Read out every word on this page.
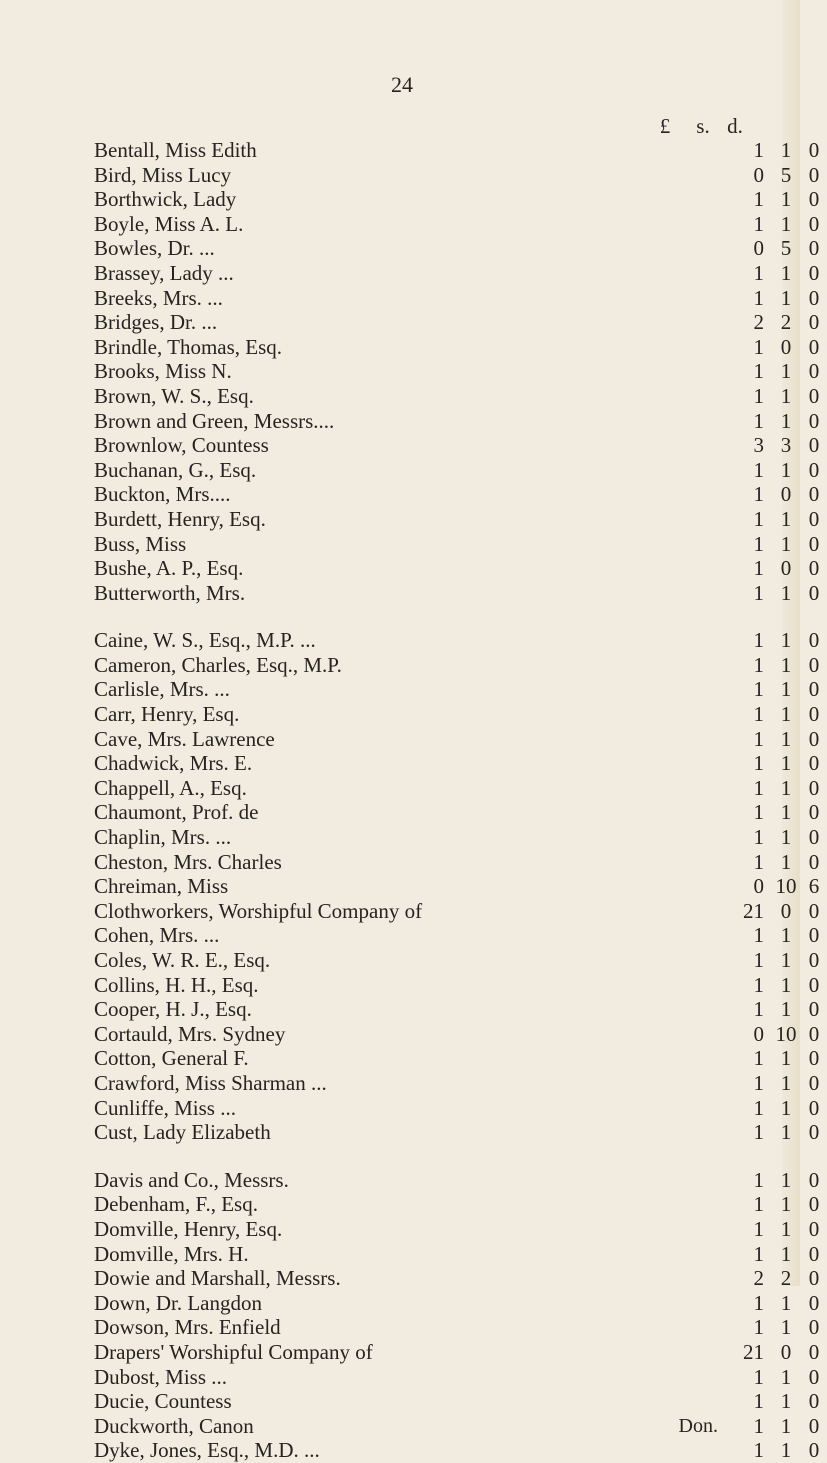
24
£	s. d.
Bentall, Miss Edith	1 1 0
Bird, Miss Lucy	0 5 0
Borthwick, Lady	1 1 0
Boyle, Miss A. L.	1 1 0
Bowles, Dr. ...	0 5 0
Brassey, Lady ...	1 1 0
Breeks, Mrs. ...	1 1 0
Bridges, Dr. ...	2 2 0
Brindle, Thomas, Esq.	1 0 0
Brooks, Miss N.	1 1 0
Brown, W. S., Esq.	1 1 0
Brown and Green, Messrs....	1 1 0
Brownlow, Countess	3 3 0
Buchanan, G., Esq.	1 1 0
Buckton, Mrs....	1 0 0
Burdett, Henry, Esq.	1 1 0
Buss, Miss	1 1 0
Bushe, A. P., Esq.	1 0 0
Butterworth, Mrs.	1 1 0
Caine, W. S., Esq., M.P. ...	1 1 0
Cameron, Charles, Esq., M.P.	1 1 0
Carlisle, Mrs. ...	1 1 0
Carr, Henry, Esq.	1 1 0
Cave, Mrs. Lawrence	1 1 0
Chadwick, Mrs. E.	1 1 0
Chappell, A., Esq.	1 1 0
Chaumont, Prof. de	1 1 0
Chaplin, Mrs. ...	1 1 0
Cheston, Mrs. Charles	1 1 0
Chreiman, Miss	0 10 6
Clothworkers, Worshipful Company of	21 0 0
Cohen, Mrs. ...	1 1 0
Coles, W. R. E., Esq.	1 1 0
Collins, H. H., Esq.	1 1 0
Cooper, H. J., Esq.	1 1 0
Cortauld, Mrs. Sydney	0 10 0
Cotton, General F.	1 1 0
Crawford, Miss Sharman ...	1 1 0
Cunliffe, Miss ...	1 1 0
Cust, Lady Elizabeth	1 1 0
Davis and Co., Messrs.	1 1 0
Debenham, F., Esq.	1 1 0
Domville, Henry, Esq.	1 1 0
Domville, Mrs. H.	1 1 0
Dowie and Marshall, Messrs.	2 2 0
Down, Dr. Langdon	1 1 0
Dowson, Mrs. Enfield	1 1 0
Drapers' Worshipful Company of	21 0 0
Dubost, Miss ...	1 1 0
Ducie, Countess	1 1 0
Duckworth, Canon	Don.	1 1 0
Dyke, Jones, Esq., M.D. ...	1 1 0
